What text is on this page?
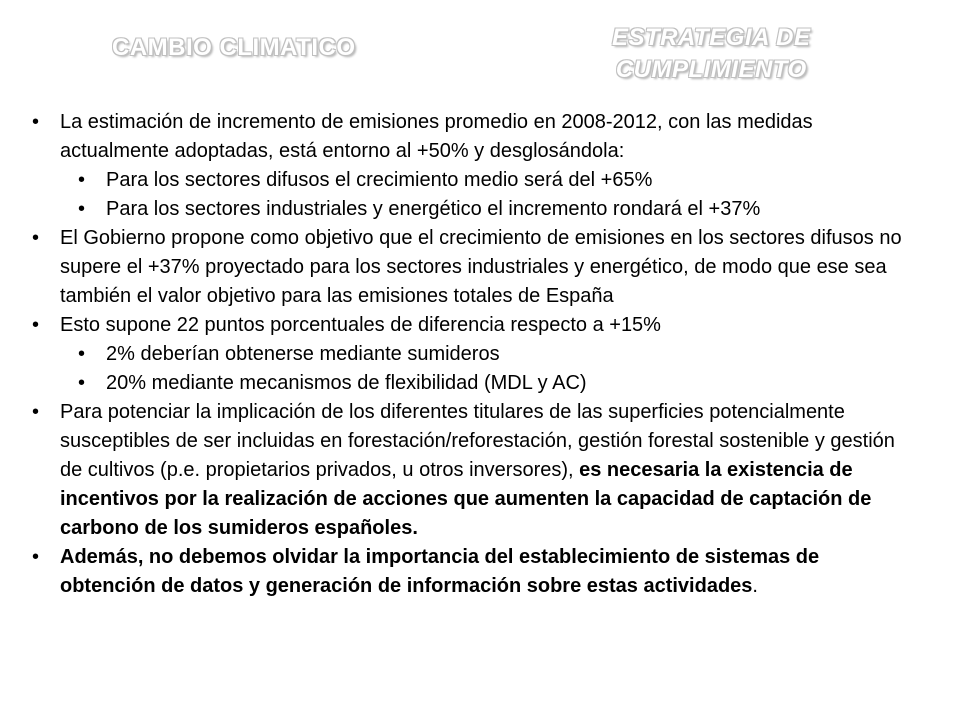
CAMBIO CLIMATICO	ESTRATEGIA DE
CUMPLIMIENTO
• La estimación de incremento de emisiones promedio en 2008-2012, con las medidas actualmente adoptadas, está entorno al +50% y desglosándola:
• Para los sectores difusos el crecimiento medio será del +65%
• Para los sectores industriales y energético el incremento rondará el +37%
• El Gobierno propone como objetivo que el crecimiento de emisiones en los sectores difusos no supere el +37% proyectado para los sectores industriales y energético, de modo que ese sea también el valor objetivo para las emisiones totales de España
• Esto supone 22 puntos porcentuales de diferencia respecto a +15%
• 2% deberían obtenerse mediante sumideros
• 20% mediante mecanismos de flexibilidad (MDL y AC)
• Para potenciar la implicación de los diferentes titulares de las superficies potencialmente susceptibles de ser incluidas en forestación/reforestación, gestión forestal sostenible y gestión de cultivos (p.e. propietarios privados, u otros inversores), es necesaria la existencia de incentivos por la realización de acciones que aumenten la capacidad de captación de carbono de los sumideros españoles.
• Además, no debemos olvidar la importancia del establecimiento de sistemas de obtención de datos y generación de información sobre estas actividades.
